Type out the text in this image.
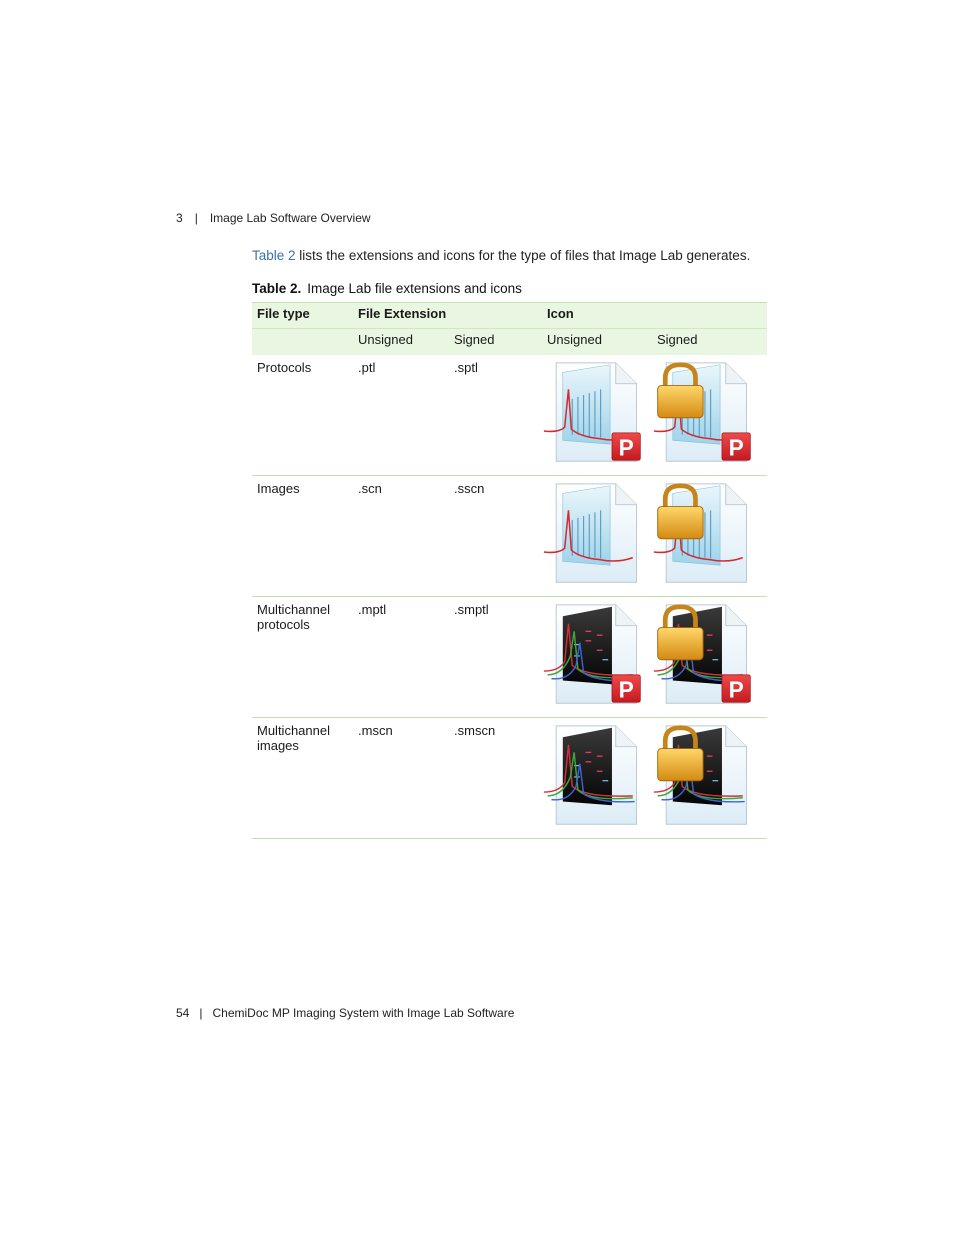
3 | Image Lab Software Overview

Table 2 lists the extensions and icons for the type of files that Image Lab generates.

Table 2. Image Lab file extensions and icons
File type	File Extension		Icon	
	Unsigned	Signed	Unsigned	Signed
Protocols	.ptl	.sptl	P	P

Images	.scn	.sscn	

Multichannel protocols	.mptl	.smptl	P	P

Multichannel images	.mscn	.smscn	

54 | ChemiDoc MP Imaging System with Image Lab Software
